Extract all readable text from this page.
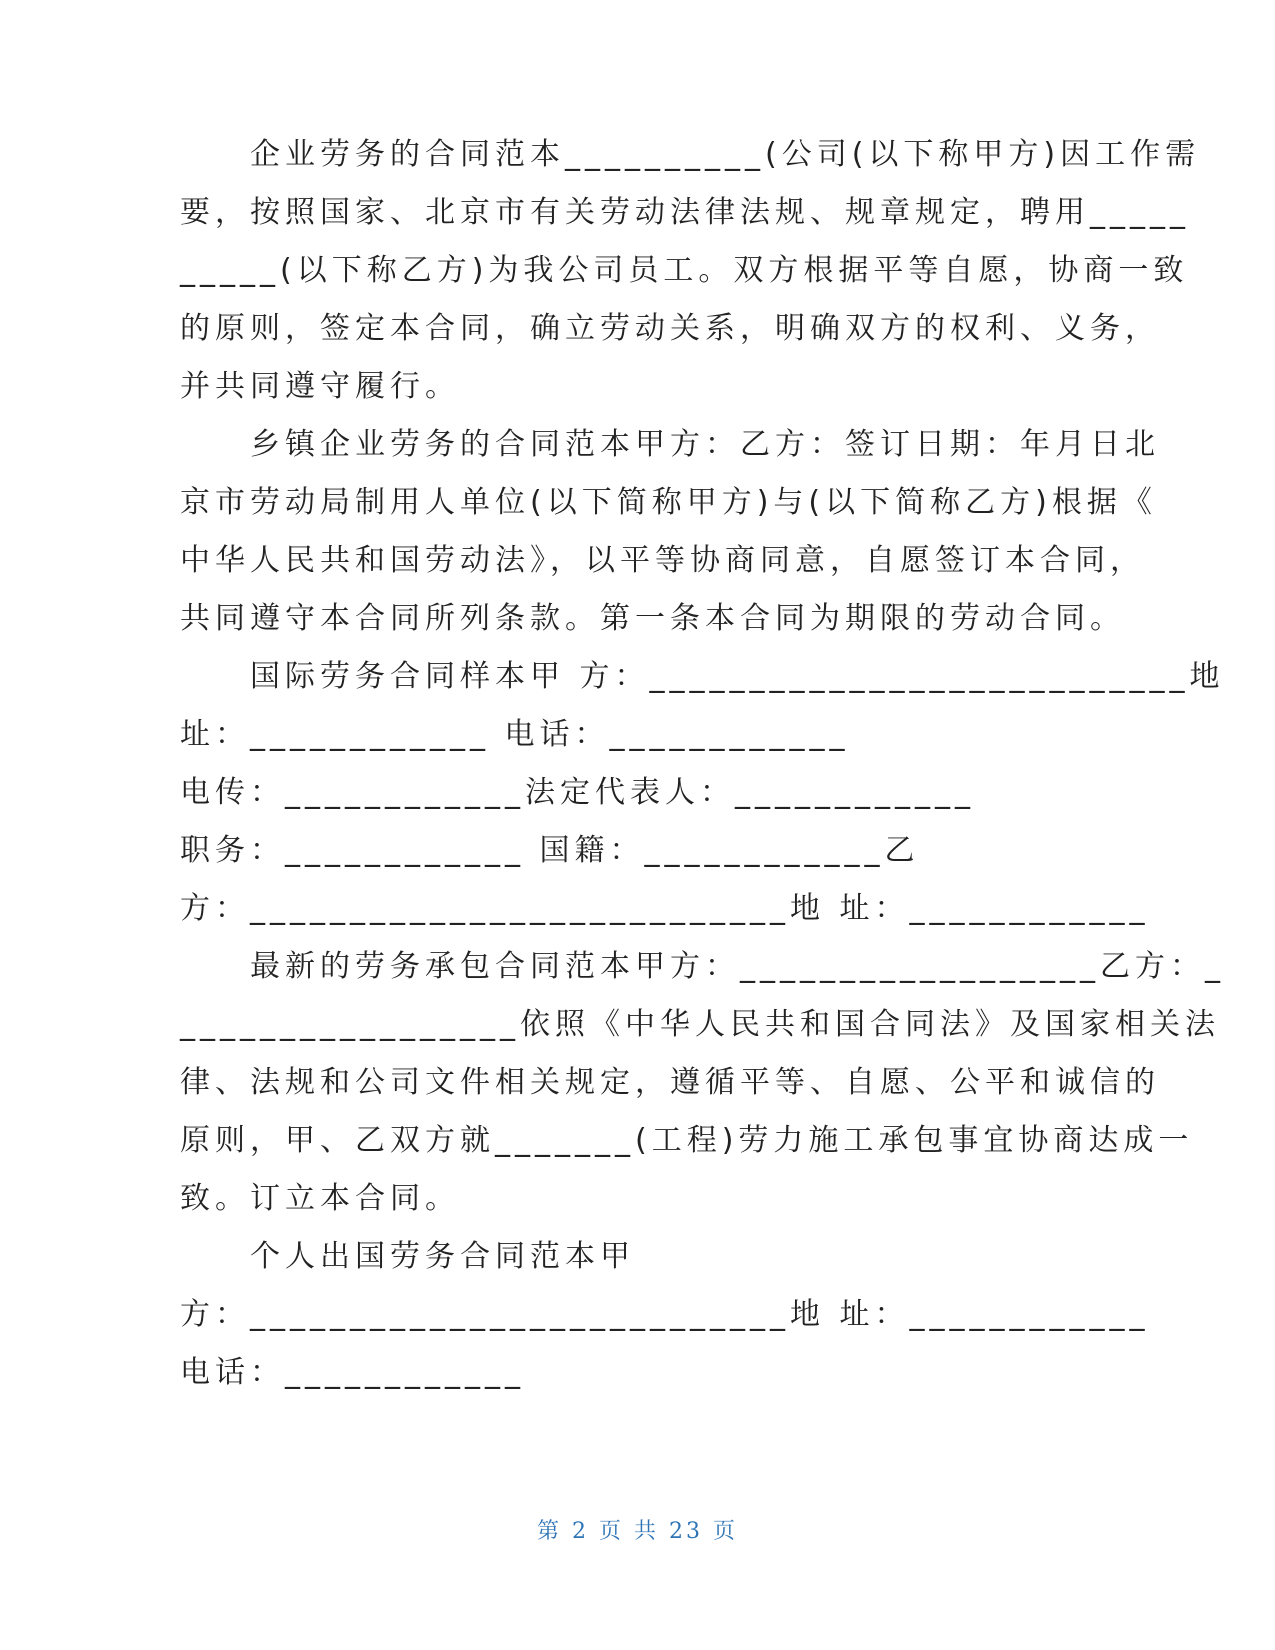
　　企业劳务的合同范本__________(公司(以下称甲方)因工作需
要，按照国家、北京市有关劳动法律法规、规章规定，聘用_____
_____(以下称乙方)为我公司员工。双方根据平等自愿，协商一致
的原则，签定本合同，确立劳动关系，明确双方的权利、义务，
并共同遵守履行。
　　乡镇企业劳务的合同范本甲方：乙方：签订日期：年月日北
京市劳动局制用人单位(以下简称甲方)与(以下简称乙方)根据《
中华人民共和国劳动法》，以平等协商同意，自愿签订本合同，
共同遵守本合同所列条款。第一条本合同为期限的劳动合同。
　　国际劳务合同样本甲 方：___________________________地
址：____________ 电话：____________
电传：____________法定代表人：____________
职务：____________ 国籍：____________乙
方：___________________________地 址：____________
　　最新的劳务承包合同范本甲方：__________________乙方：_
_________________依照《中华人民共和国合同法》及国家相关法
律、法规和公司文件相关规定，遵循平等、自愿、公平和诚信的
原则，甲、乙双方就_______(工程)劳力施工承包事宜协商达成一
致。订立本合同。
　　个人出国劳务合同范本甲
方：___________________________地 址：____________
电话：____________
第 2 页 共 23 页
